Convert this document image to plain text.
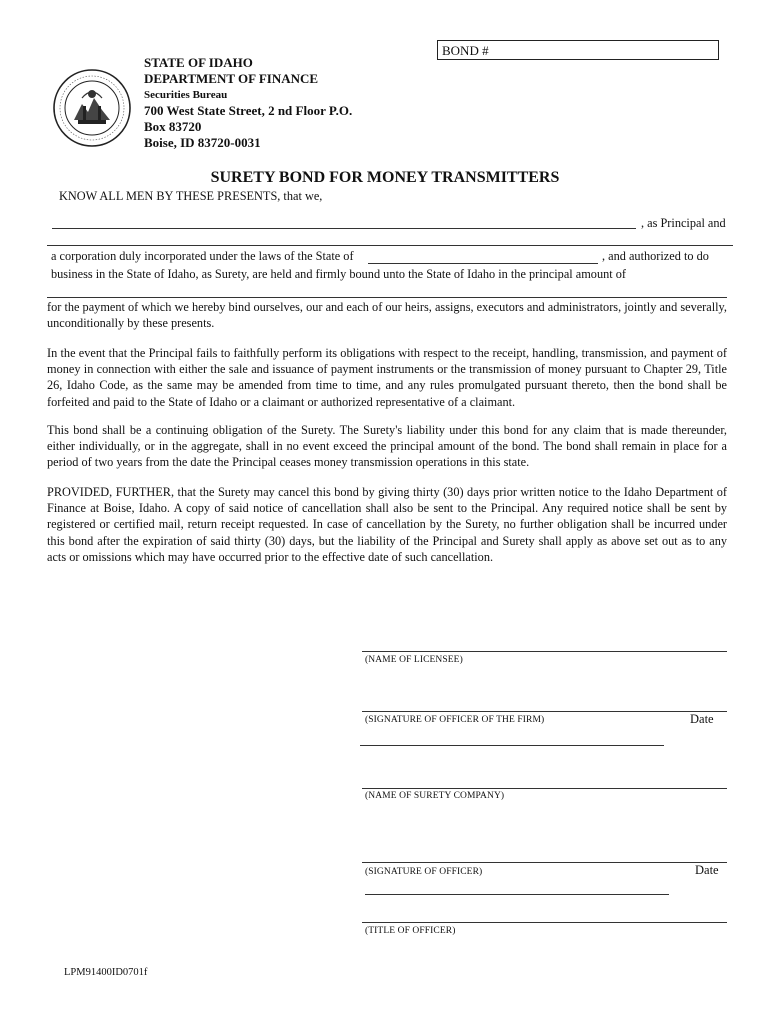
BOND #
STATE OF IDAHO
DEPARTMENT OF FINANCE
Securities Bureau
700 West State Street, 2 nd Floor P.O.
Box 83720
Boise, ID 83720-0031
SURETY BOND FOR MONEY TRANSMITTERS
KNOW ALL MEN BY THESE PRESENTS, that we,
, as Principal and
a corporation duly incorporated under the laws of the State of	, and authorized to do
business in the State of Idaho, as Surety, are held and firmly bound unto the State of Idaho in the principal amount of

for the payment of which we hereby bind ourselves, our and each of our heirs, assigns, executors and administrators, jointly and severally, unconditionally by these presents.

In the event that the Principal fails to faithfully perform its obligations with respect to the receipt, handling, transmission, and payment of money in connection with either the sale and issuance of payment instruments or the transmission of money pursuant to Chapter 29, Title 26, Idaho Code, as the same may be amended from time to time, and any rules promulgated pursuant thereto, then the bond shall be forfeited and paid to the State of Idaho or a claimant or authorized representative of a claimant.

This bond shall be a continuing obligation of the Surety. The Surety's liability under this bond for any claim that is made thereunder, either individually, or in the aggregate, shall in no event exceed the principal amount of the bond. The bond shall remain in place for a period of two years from the date the Principal ceases money transmission operations in this state.

PROVIDED, FURTHER, that the Surety may cancel this bond by giving thirty (30) days prior written notice to the Idaho Department of Finance at Boise, Idaho. A copy of said notice of cancellation shall also be sent to the Principal. Any required notice shall be sent by registered or certified mail, return receipt requested. In case of cancellation by the Surety, no further obligation shall be incurred under this bond after the expiration of said thirty (30) days, but the liability of the Principal and Surety shall apply as above set out as to any acts or omissions which may have occurred prior to the effective date of such cancellation.

(NAME OF LICENSEE)
(SIGNATURE OF OFFICER OF THE FIRM)	Date
(NAME OF SURETY COMPANY)
(SIGNATURE OF OFFICER)	Date
(TITLE OF OFFICER)
LPM91400ID0701f
